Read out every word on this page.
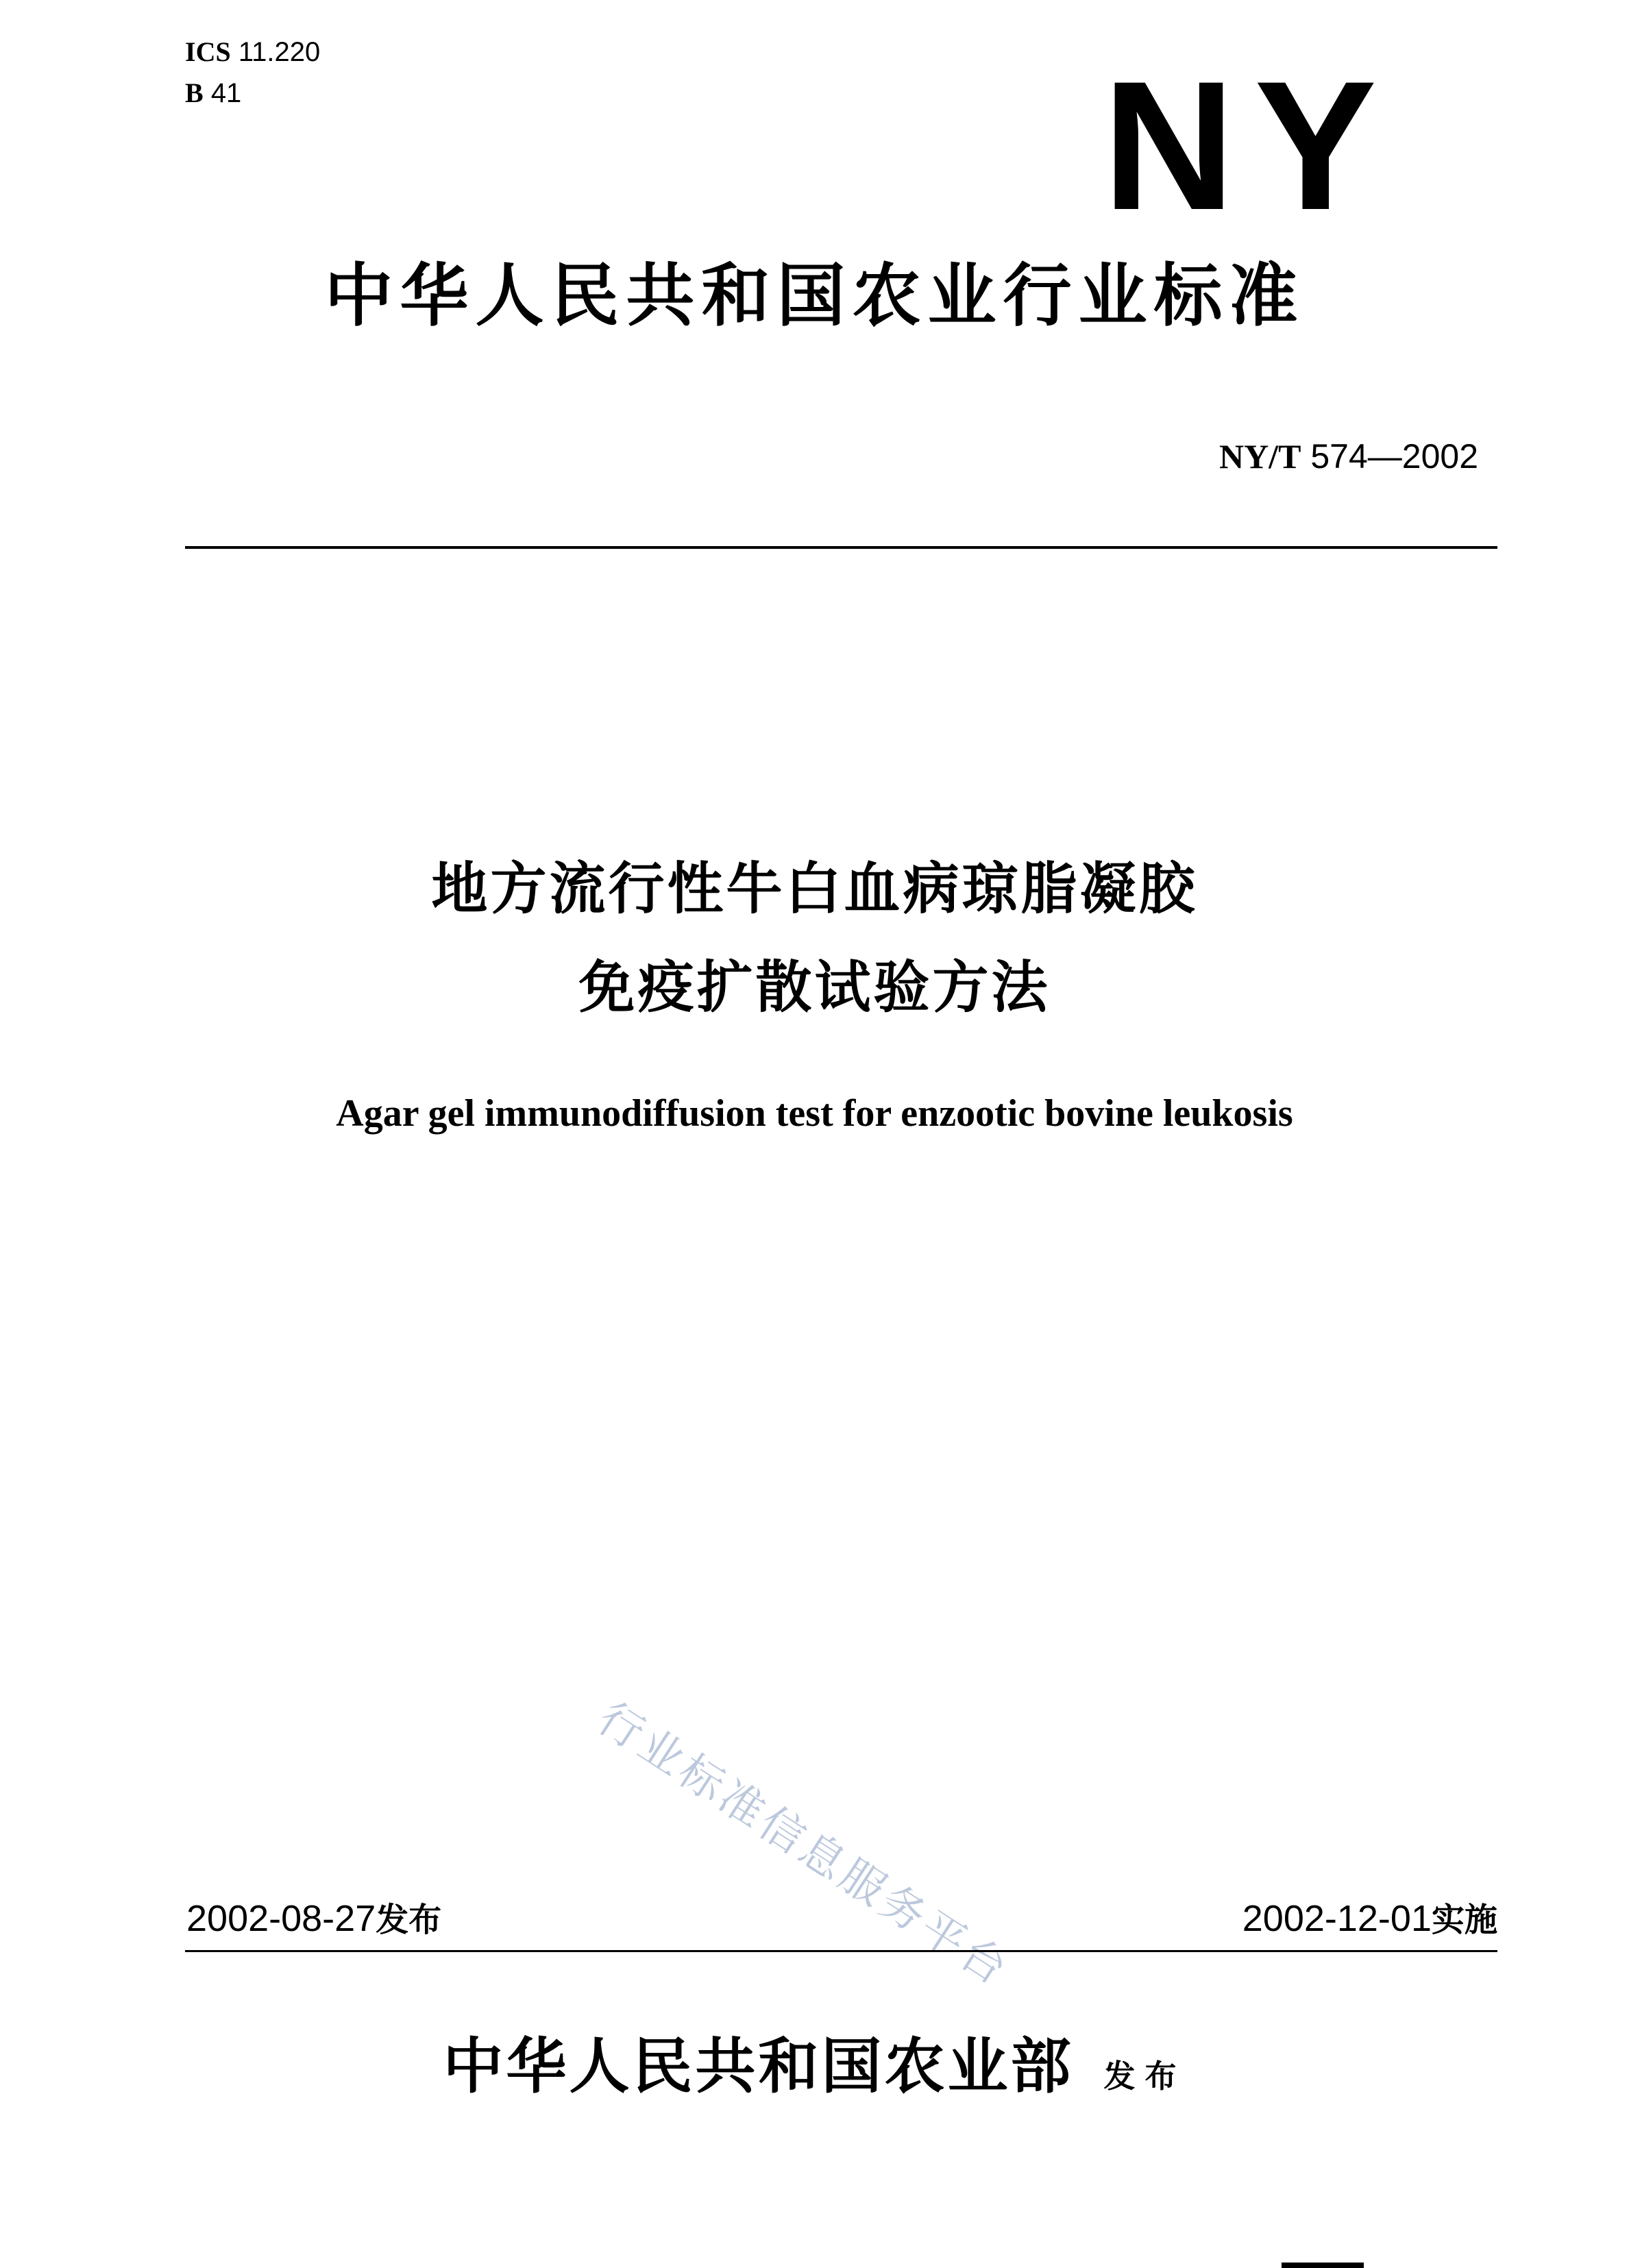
ICS 11.220
B 41	NY
中华人民共和国农业行业标准
NY/T 574—2002
地方流行性牛白血病琼脂凝胶
免疫扩散试验方法
Agar gel immunodiffusion test for enzootic bovine leukosis
行业标准信息服务平台
2002-08-27发布	2002-12-01实施
中华人民共和国农业部 发布
